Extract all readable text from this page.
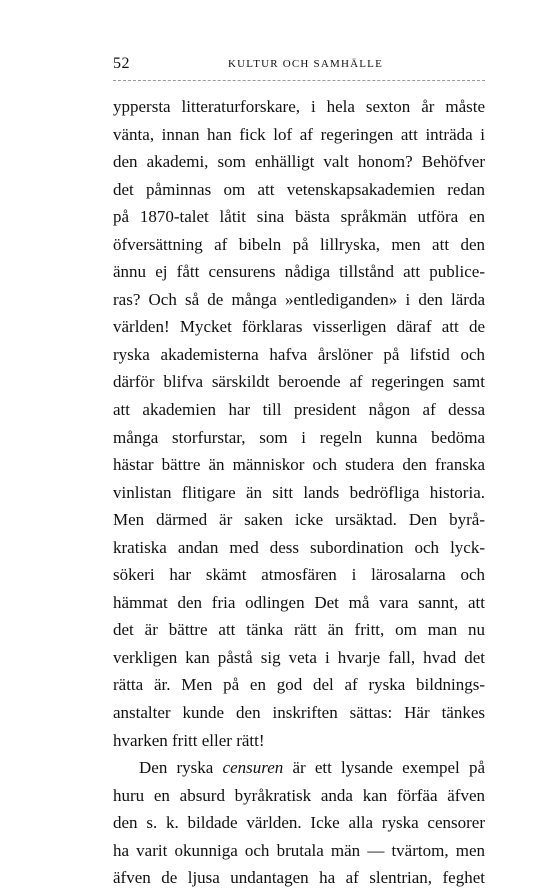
52	KULTUR OCH SAMHÄLLE
yppersta litteraturforskare, i hela sexton år måste
vänta, innan han fick lof af regeringen att inträda i
den akademi, som enhälligt valt honom? Behöfver
det påminnas om att vetenskapsakademien redan
på 1870-talet låtit sina bästa språkmän utföra en
öfversättning af bibeln på lillryska, men att den
ännu ej fått censurens nådiga tillstånd att publice-
ras? Och så de många »entlediganden» i den lärda
världen! Mycket förklaras visserligen däraf att de
ryska akademisterna hafva årslöner på lifstid och
därför blifva särskildt beroende af regeringen samt
att akademien har till president någon af dessa
många storfurstar, som i regeln kunna bedöma
hästar bättre än människor och studera den franska
vinlistan flitigare än sitt lands bedröfliga historia.
Men därmed är saken icke ursäktad. Den byrå-
kratiska andan med dess subordination och lyck-
sökeri har skämt atmosfären i lärosalarna och
hämmat den fria odlingen Det må vara sannt, att
det är bättre att tänka rätt än fritt, om man nu
verkligen kan påstå sig veta i hvarje fall, hvad det
rätta är. Men på en god del af ryska bildnings-
anstalter kunde den inskriften sättas: Här tänkes
hvarken fritt eller rätt!
Den ryska censuren är ett lysande exempel på
huru en absurd byråkratisk anda kan förfäa äfven
den s. k. bildade världen. Icke alla ryska censorer
ha varit okunniga och brutala män — tvärtom, men
äfven de ljusa undantagen ha af slentrian, feghet
